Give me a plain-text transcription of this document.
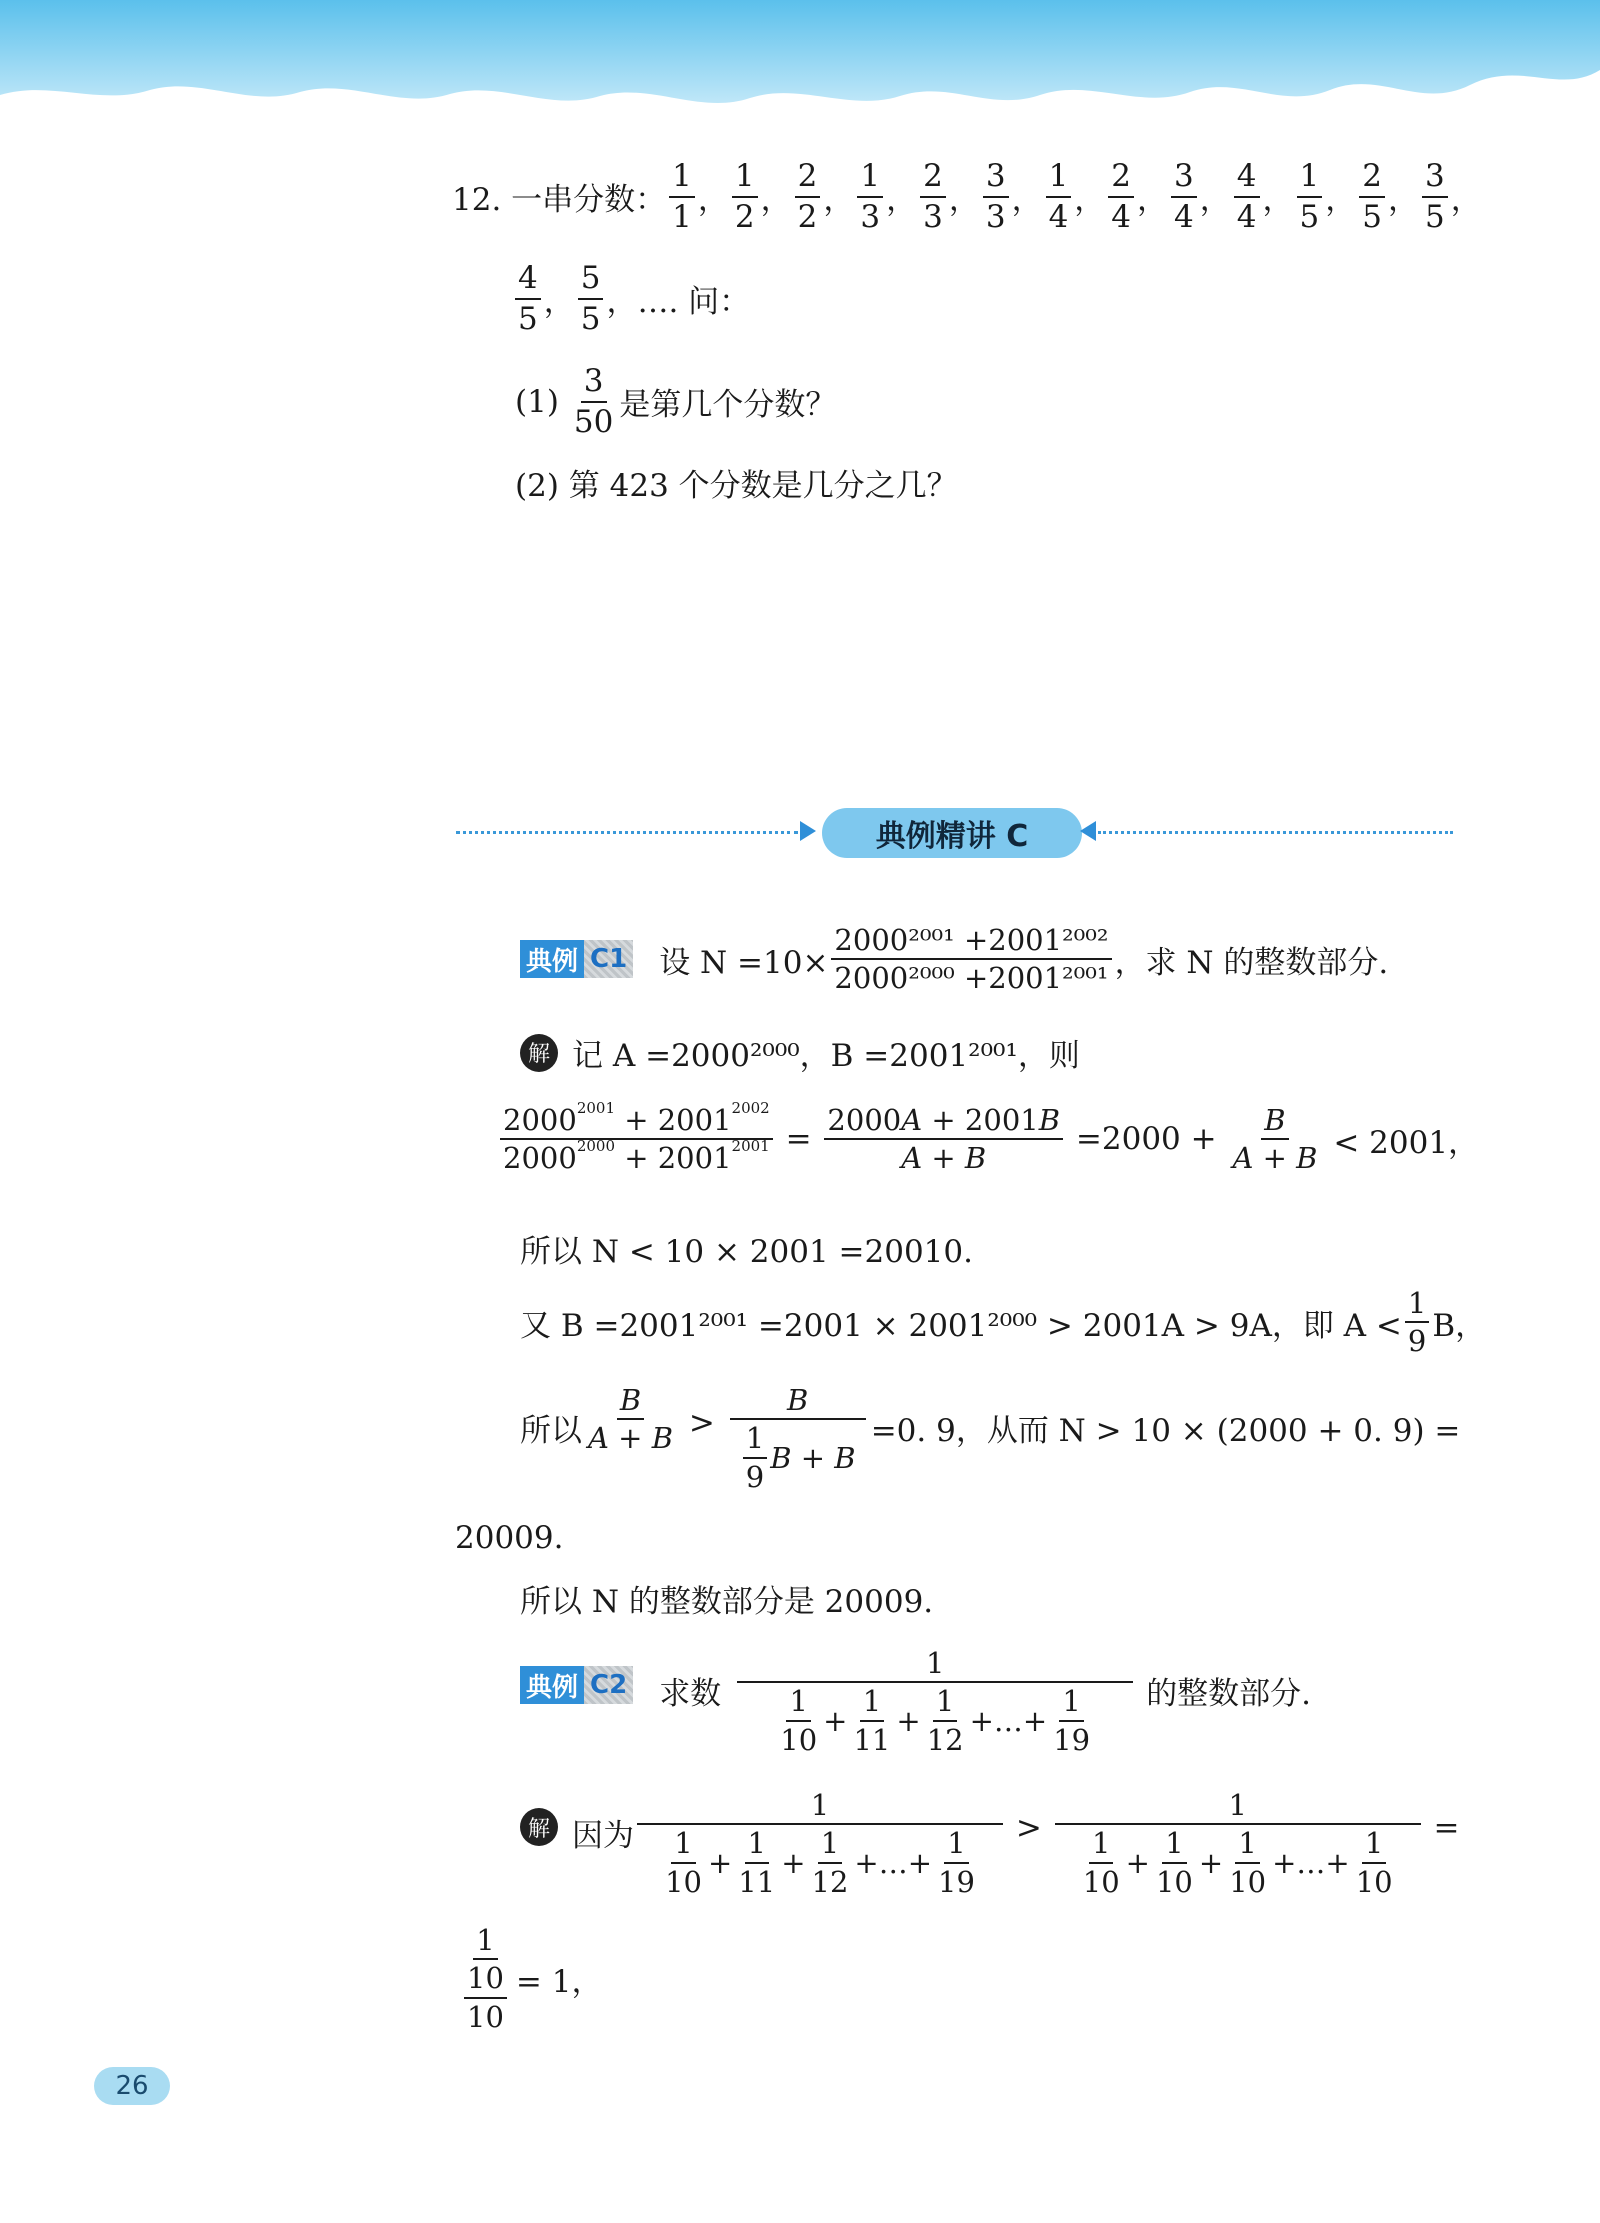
12. 一串分数： $\frac{1}{1}$ ， $\frac{1}{2}$ ， $\frac{2}{2}$ ， $\frac{1}{3}$ ， $\frac{2}{3}$ ， $\frac{3}{3}$ ， $\frac{1}{4}$ ， $\frac{2}{4}$ ， $\frac{3}{4}$ ， $\frac{4}{4}$ ， $\frac{1}{5}$ ， $\frac{2}{5}$ ， $\frac{3}{5}$ ，
$\frac{4}{5}$ ， $\frac{5}{5}$ ，…. 问：
$(1) \frac{3}{50}$ 是第几个分数？
(2) 第 423 个分数是几分之几？
典例精讲 C
典例 C1 设 $N =10\times \frac{\text{2000²⁰⁰¹ +2001²⁰⁰²}}{\text{2000²⁰⁰⁰ +2001²⁰⁰¹}}$ ，求 N 的整数部分.
解 记 A =2000²⁰⁰⁰，B =2001²⁰⁰¹，则
$\frac{2000^{2001} + 2001^{2002}}{2000^{2000} + 2001^{2001}} = \frac{2000A + 2001B}{A + B} =2000 + \frac{B}{A + B} < 2001$，
所以 N < 10 × 2001 =20010.
又 B =2001²⁰⁰¹ =2001 × 2001²⁰⁰⁰ > 2001A > 9A，即 $A < \frac{1}{9}$ B，
所以 $\frac{B}{A + B} > \frac{B}{\frac{1}{9} B + B} =0$. 9，从而 N > 10 × (2000 + 0. 9) =
20009.
所以 N 的整数部分是 20009.
典例 C2 求数 $\frac{1}{\frac{1}{10} + \frac{1}{11} + \frac{1}{12} +\dots+ \frac{1}{19}}$ 的整数部分.
解 因为 $\frac{1}{\frac{1}{10} + \frac{1}{11} + \frac{1}{12} +\dots+ \frac{1}{19}} > \frac{1}{\frac{1}{10} + \frac{1}{10} + \frac{1}{10} +\dots+ \frac{1}{10}}$ =
$\frac{1}{\frac{10}{10}} = 1$，
26
